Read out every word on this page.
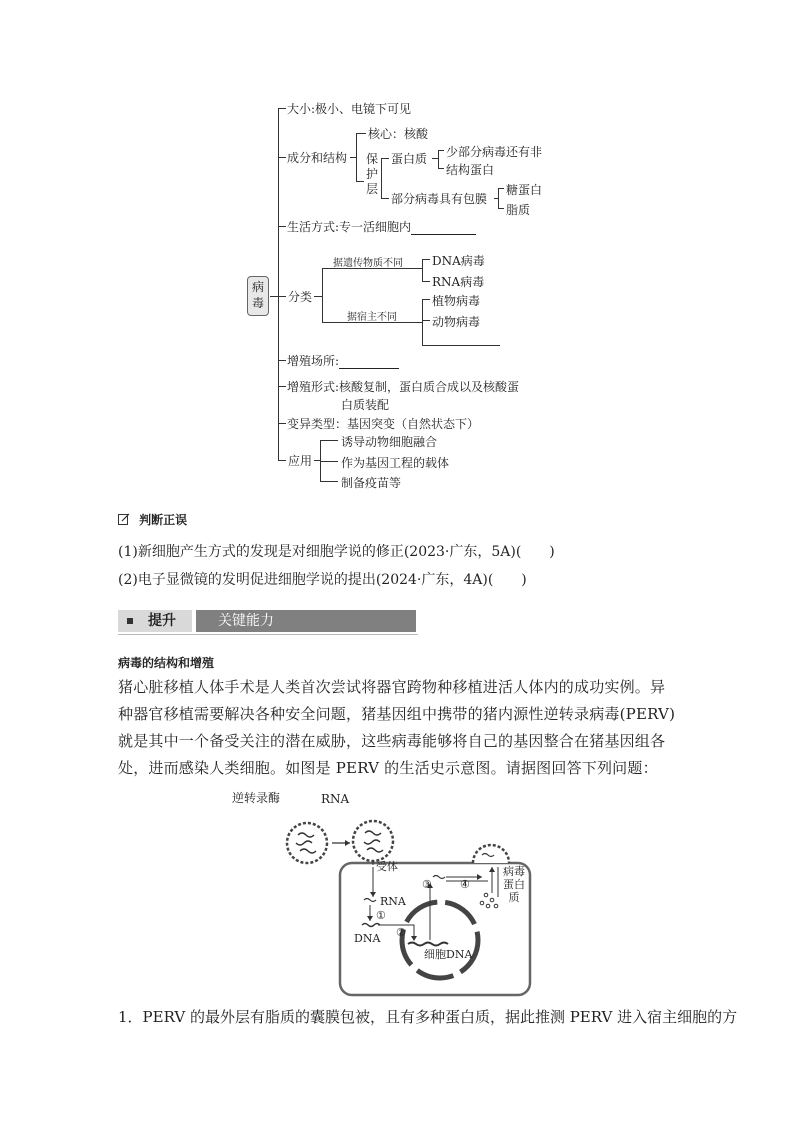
病毒
大小:极小、电镜下可见
成分和结构
核心：核酸
保护层
蛋白质 少部分病毒还有非
结构蛋白
部分病毒具有包膜
糖蛋白
脂质
生活方式:专一活细胞内
分类
据遗传物质不同 DNA病毒
RNA病毒
据宿主不同
植物病毒
动物病毒
增殖场所:
增殖形式:核酸复制，蛋白质合成以及核酸蛋
白质装配
变异类型：基因突变（自然状态下）
应用
诱导动物细胞融合
作为基因工程的载体
制备疫苗等
判断正误
(1)新细胞产生方式的发现是对细胞学说的修正(2023·广东，5A)(　　)
(2)电子显微镜的发明促进细胞学说的提出(2024·广东，4A)(　　)
提升	关键能力
病毒的结构和增殖
猪心脏移植人体手术是人类首次尝试将器官跨物种移植进活人体内的成功实例。异种器官移植需要解决各种安全问题，猪基因组中携带的猪内源性逆转录病毒(PERV)就是其中一个备受关注的潜在威胁，这些病毒能够将自己的基因整合在猪基因组各处，进而感染人类细胞。如图是 PERV 的生活史示意图。请据图回答下列问题：
逆转录酶	RNA
受体
RNA
①
DNA ②
③	④
细胞DNA
病毒蛋白质
1．PERV 的最外层有脂质的囊膜包被，且有多种蛋白质，据此推测 PERV 进入宿主细胞的方
